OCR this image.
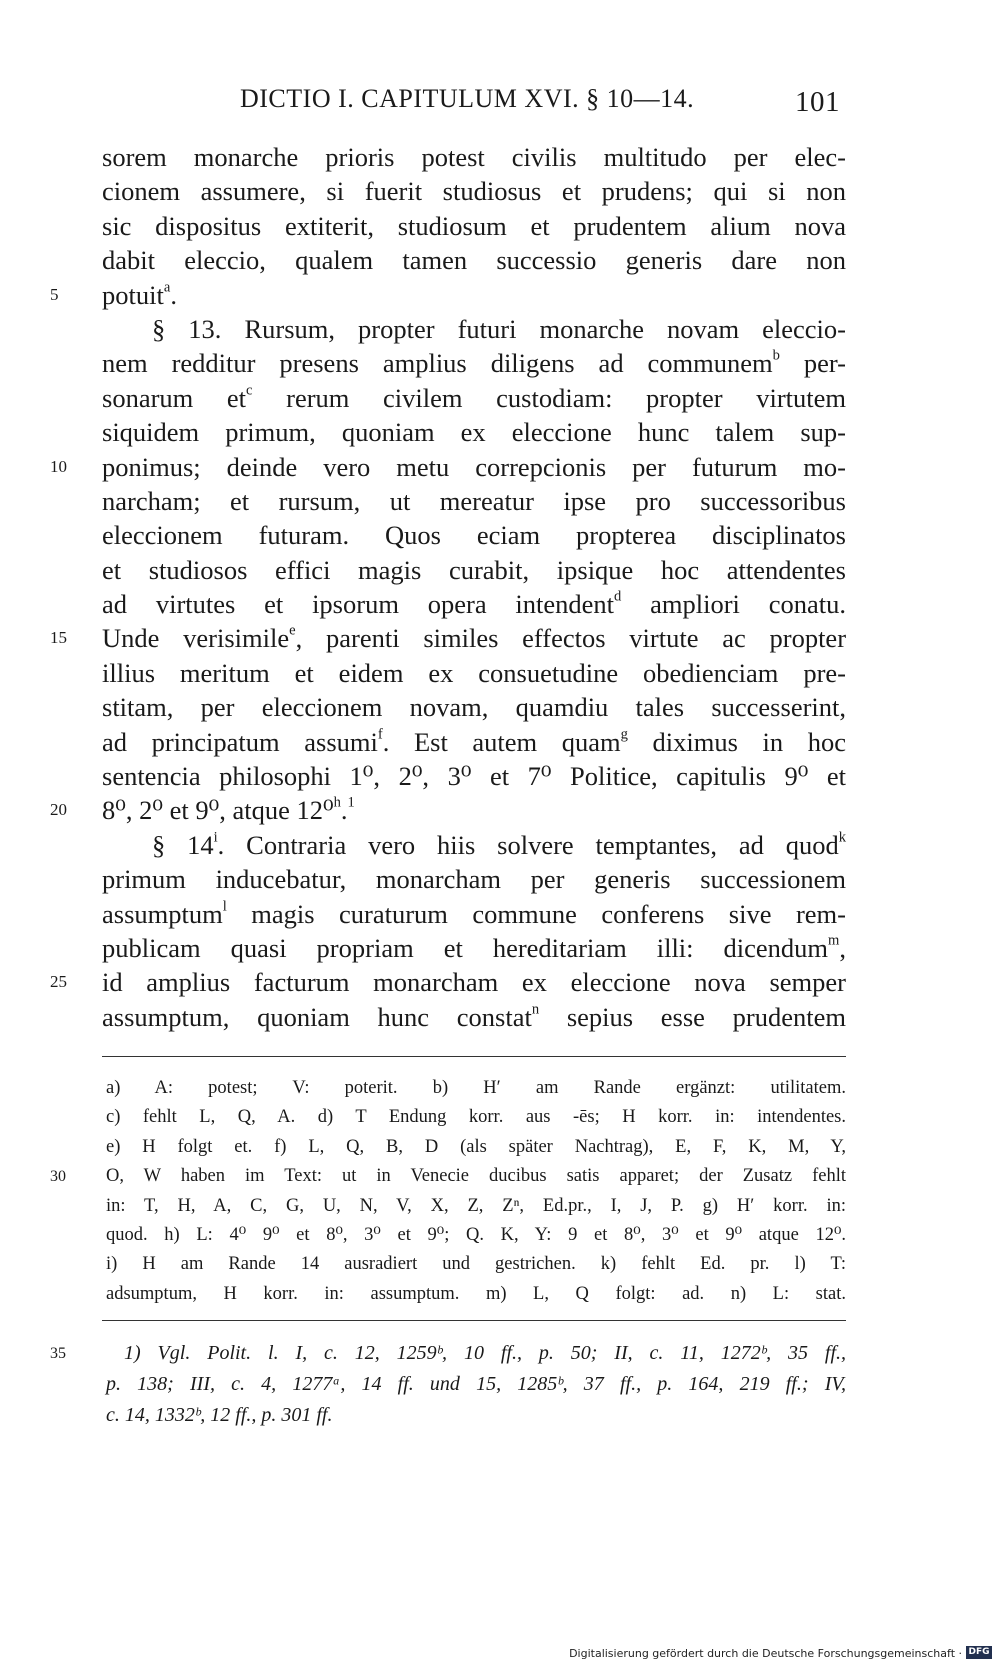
DICTIO I. CAPITULUM XVI. § 10—14.	101
sorem monarche prioris potest civilis multitudo per elec-
cionem assumere, si fuerit studiosus et prudens; qui si non
sic dispositus extiterit, studiosum et prudentem alium nova
dabit eleccio, qualem tamen successio generis dare non
5	potuit$^a$.
§ 13. Rursum, propter futuri monarche novam eleccio-
nem redditur presens amplius diligens ad communem$^b$ per-
sonarum $et^c$ rerum civilem custodiam: propter virtutem
siquidem primum, quoniam ex eleccione hunc talem sup-
10	ponimus; deinde vero metu correpcionis per futurum mo-
narcham; et rursum, ut mereatur ipse pro successoribus
eleccionem futuram. Quos eciam propterea disciplinatos
et studiosos effici magis curabit, ipsique hoc attendentes
ad virtutes et ipsorum opera intendent$^d$ ampliori conatu.
15	Unde verisimile$^e$, parenti similes effectos virtute ac propter
illius meritum et eidem ex consuetudine obedienciam pre-
stitam, per eleccionem novam, quamdiu tales successerint,
ad principatum assumi$^f$. Est autem quam$^g$ diximus in hoc
sentencia philosophi 1⁰, 2⁰, 3⁰ et 7⁰ Politice, capitulis 9⁰ et
20	8⁰, 2⁰ et 9⁰, atque 12⁰$^h$.$^1$
§ 14$^i$. Contraria vero hiis solvere temptantes, ad quod$^k$
primum inducebatur, monarcham per generis successionem
assumptum$^l$ magis curaturum commune conferens sive rem-
publicam quasi propriam et hereditariam illi: dicendum$^m$,
25	id amplius facturum monarcham ex eleccione nova semper
assumptum, quoniam hunc constat$^n$ sepius esse prudentem
a) A: potest; V: poterit. b) H′ am Rande ergänzt: utilitatem.
c) fehlt L, Q, A. d) T Endung korr. aus -ēs; H korr. in: intendentes.
e) H folgt et. f) L, Q, B, D (als später Nachtrag), E, F, K, M, Y,
30	O, W haben im Text: ut in Venecie ducibus satis apparet; der Zusatz fehlt
in: T, H, A, C, G, U, N, V, X, Z, Zⁿ, Ed.pr., I, J, P. g) H′ korr. in:
quod. h) L: 4⁰ 9⁰ et 8⁰, 3⁰ et 9⁰; Q. K, Y: 9 et 8⁰, 3⁰ et 9⁰ atque 12⁰.
i) H am Rande 14 ausradiert und gestrichen. k) fehlt Ed. pr. l) T:
adsumptum, H korr. in: assumptum. m) L, Q folgt: ad. n) L: stat.
35	1) Vgl. Polit. l. I, c. 12, 1259ᵇ, 10 ff., p. 50; II, c. 11, 1272ᵇ, 35 ff.,
p. 138; III, c. 4, 1277ᵃ, 14 ff. und 15, 1285ᵇ, 37 ff., p. 164, 219 ff.; IV,
c. 14, 1332ᵇ, 12 ff., p. 301 ff.
Digitalisierung gefördert durch die Deutsche Forschungsgemeinschaft · DFG
